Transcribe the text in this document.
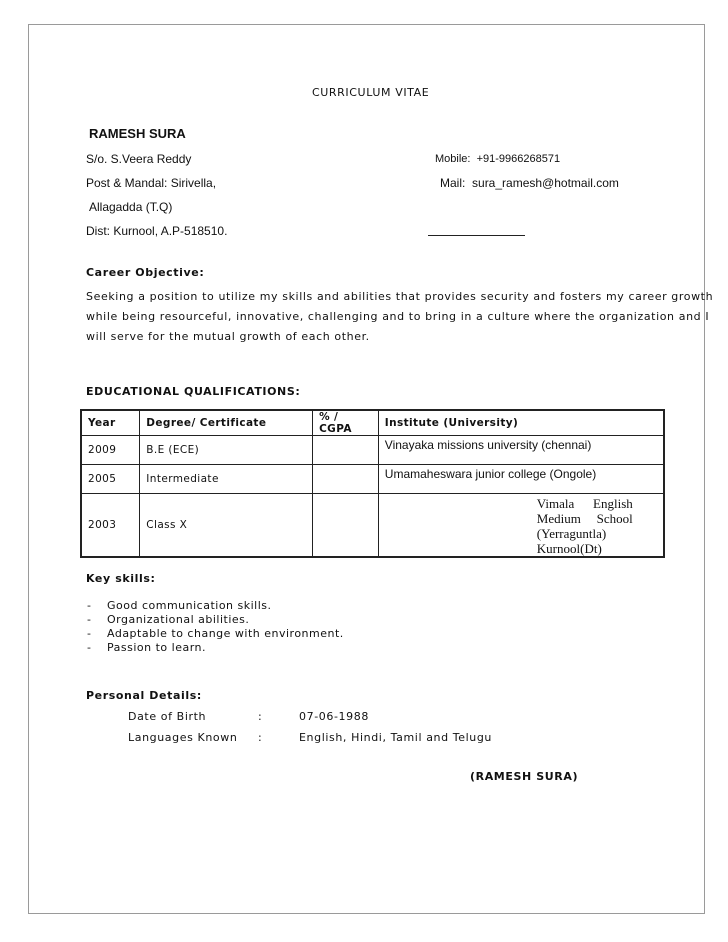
CURRICULUM VITAE
RAMESH SURA
S/o. S.Veera Reddy
Post & Mandal: Sirivella,
Allagadda (T.Q)
Dist: Kurnool, A.P-518510.
Mobile: +91-9966268571
Mail: sura_ramesh@hotmail.com
Career Objective:
Seeking a position to utilize my skills and abilities that provides security and fosters my career growth
while being resourceful, innovative, challenging and to bring in a culture where the organization and I
will serve for the mutual growth of each other.
EDUCATIONAL QUALIFICATIONS:
Year	Degree/ Certificate	% / CGPA	Institute (University)
2009	B.E (ECE)		Vinayaka missions university (chennai)
2005	Intermediate		Umamaheswara junior college (Ongole)
2003	Class X		Vimala English Medium School (Yerraguntla) Kurnool(Dt)
Key skills:
- Good communication skills.
- Organizational abilities.
- Adaptable to change with environment.
- Passion to learn.
Personal Details:
Date of Birth	:	07-06-1988
Languages Known :	English, Hindi, Tamil and Telugu
(RAMESH SURA)
